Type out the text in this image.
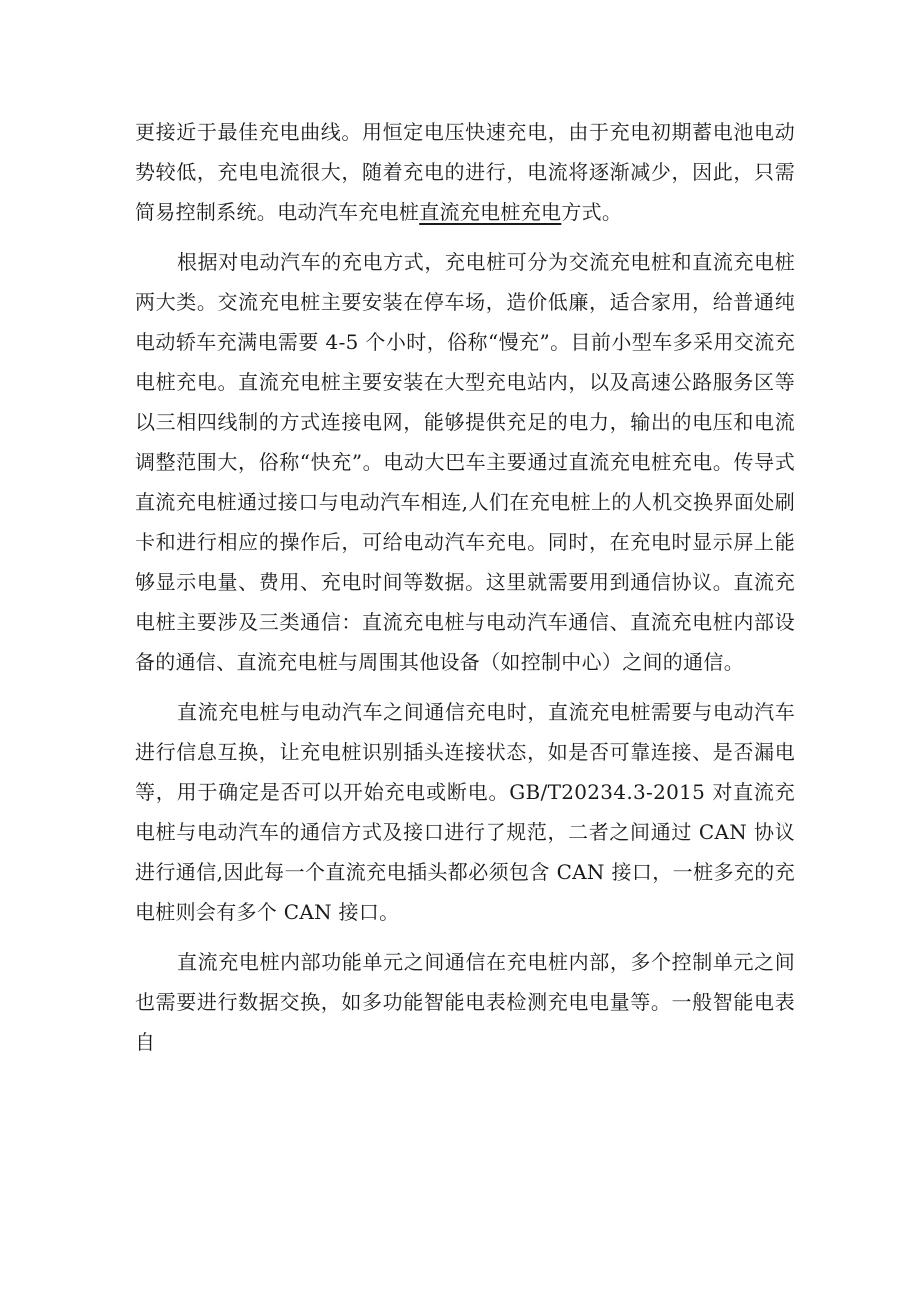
更接近于最佳充电曲线。用恒定电压快速充电，由于充电初期蓄电池电动势较低，充电电流很大，随着充电的进行，电流将逐渐减少，因此，只需简易控制系统。电动汽车充电桩直流充电桩充电方式。

根据对电动汽车的充电方式，充电桩可分为交流充电桩和直流充电桩两大类。交流充电桩主要安装在停车场，造价低廉，适合家用，给普通纯电动轿车充满电需要 4-5 个小时，俗称“慢充”。目前小型车多采用交流充电桩充电。直流充电桩主要安装在大型充电站内，以及高速公路服务区等以三相四线制的方式连接电网，能够提供充足的电力，输出的电压和电流调整范围大，俗称“快充”。电动大巴车主要通过直流充电桩充电。传导式直流充电桩通过接口与电动汽车相连,人们在充电桩上的人机交换界面处刷卡和进行相应的操作后，可给电动汽车充电。同时，在充电时显示屏上能够显示电量、费用、充电时间等数据。这里就需要用到通信协议。直流充电桩主要涉及三类通信：直流充电桩与电动汽车通信、直流充电桩内部设备的通信、直流充电桩与周围其他设备（如控制中心）之间的通信。

直流充电桩与电动汽车之间通信充电时，直流充电桩需要与电动汽车进行信息互换，让充电桩识别插头连接状态，如是否可靠连接、是否漏电等，用于确定是否可以开始充电或断电。GB/T20234.3-2015 对直流充电桩与电动汽车的通信方式及接口进行了规范，二者之间通过 CAN 协议进行通信,因此每一个直流充电插头都必须包含 CAN 接口，一桩多充的充电桩则会有多个 CAN 接口。

直流充电桩内部功能单元之间通信在充电桩内部，多个控制单元之间也需要进行数据交换，如多功能智能电表检测充电电量等。一般智能电表自
